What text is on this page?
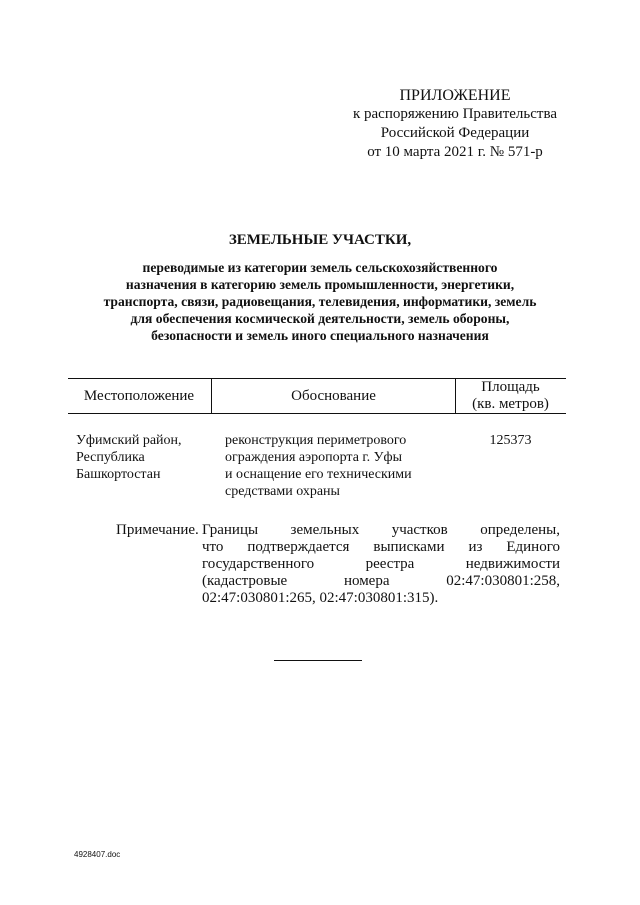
ПРИЛОЖЕНИЕ
к распоряжению Правительства
Российской Федерации
от 10 марта 2021 г. № 571-р
ЗЕМЕЛЬНЫЕ УЧАСТКИ,
переводимые из категории земель сельскохозяйственного
назначения в категорию земель промышленности, энергетики,
транспорта, связи, радиовещания, телевидения, информатики, земель
для обеспечения космической деятельности, земель обороны,
безопасности и земель иного специального назначения
Местоположение	Обоснование
Площадь
(кв. метров)
Уфимский район,
Республика
Башкортостан
реконструкция периметрового
ограждения аэропорта г. Уфы
и оснащение его техническими
средствами охраны
125373
Примечание. Границы земельных участков определены,
что подтверждается выписками из Единого
государственного реестра недвижимости
(кадастровые номера 02:47:030801:258,
02:47:030801:265, 02:47:030801:315).
4928407.doc
